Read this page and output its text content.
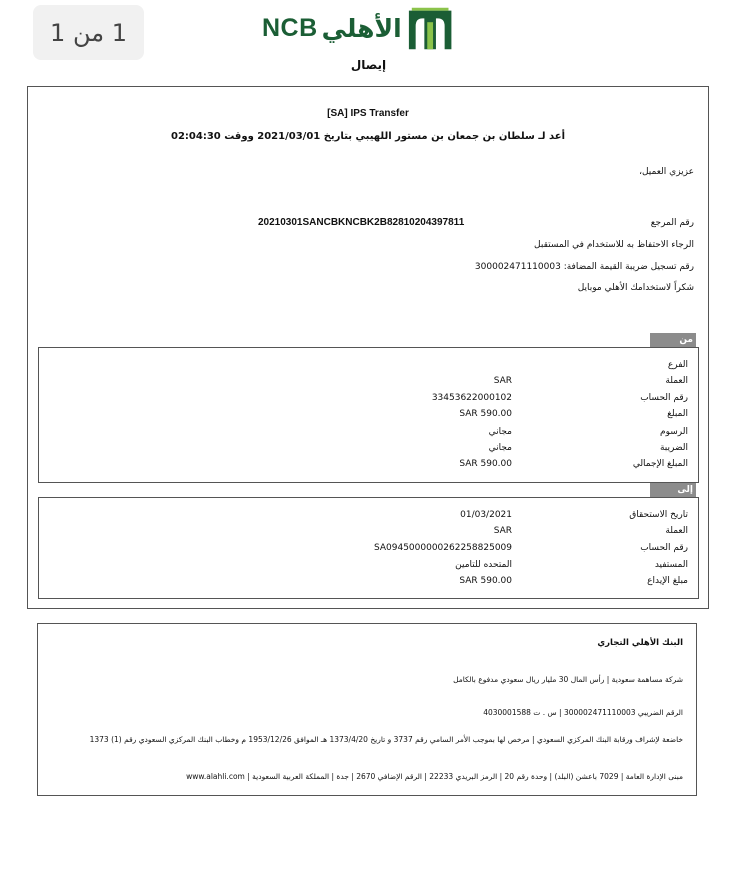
1 من 1	NCB الأهلي
إيصال
[SA] IPS Transfer
أعد لـ سلطان بن جمعان بن مستور اللهيبي بتاريخ 2021/03/01 ووقت 02:04:30
عزيزي العميل،
رقم المرجع
20210301SANCBKNCBK2B8281020439781​1
الرجاء الاحتفاظ به للاستخدام في المستقبل
رقم تسجيل ضريبة القيمة المضافة: 300002471110003
شكراً لاستخدامك الأهلي موبايل
من
الفرع
العملة
SAR
رقم الحساب
33453622000102
المبلغ
590.00 SAR
الرسوم
مجاني
الضريبة
مجاني
المبلغ الإجمالي
590.00 SAR
إلى
تاريخ الاستحقاق
01/03/2021
العملة
SAR
رقم الحساب
SA0945000000262258825009
المستفيد
المتحده للتامين
مبلغ الإيداع
590.00 SAR
البنك الأهلي التجاري
شركة مساهمة سعودية | رأس المال 30 مليار ريال سعودي مدفوع بالكامل
الرقم الضريبي 300002471110003 | س . ت 4030001588
خاضعة لإشراف ورقابة البنك المركزي السعودي | مرخص لها بموجب الأمر السامي رقم 3737 و تاريخ 1373/4/20 هـ الموافق 1953/12/26 م وخطاب البنك المركزي السعودي رقم (1) 1373
مبنى الإدارة العامة | 7029 باعشن (البلد) | وحدة رقم 20 | الرمز البريدي 22233 | الرقم الإضافي 2670 | جدة | المملكة العربية السعودية | www.alahli.com
